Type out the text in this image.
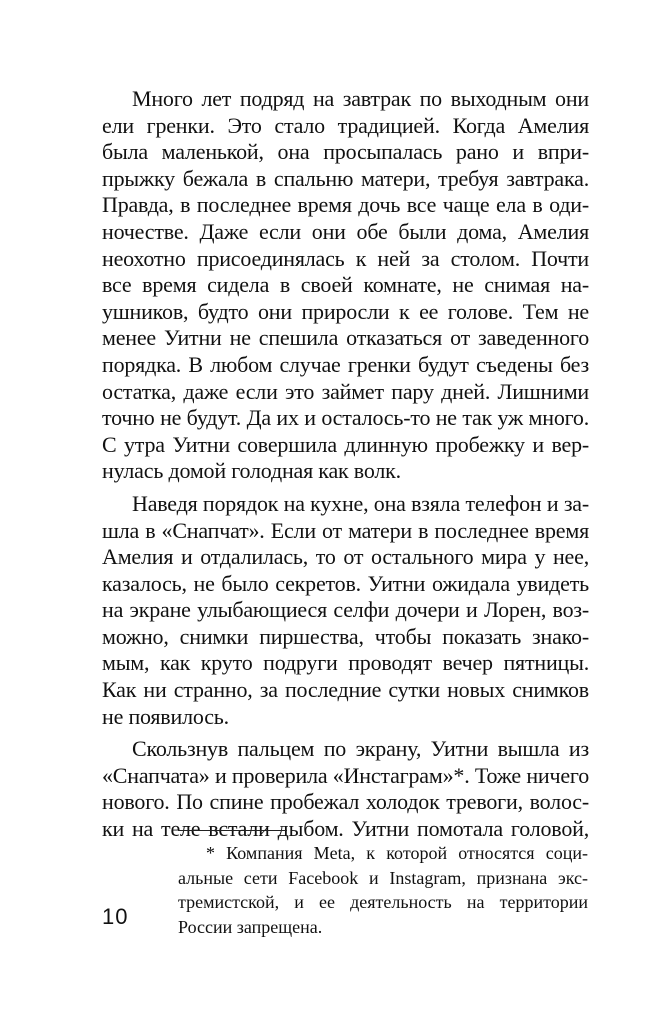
Много лет подряд на завтрак по выходным они
ели гренки. Это стало традицией. Когда Амелия
была маленькой, она просыпалась рано и впри-
прыжку бежала в спальню матери, требуя завтрака.
Правда, в последнее время дочь все чаще ела в оди-
ночестве. Даже если они обе были дома, Амелия
неохотно присоединялась к ней за столом. Почти
все время сидела в своей комнате, не снимая на-
ушников, будто они приросли к ее голове. Тем не
менее Уитни не спешила отказаться от заведенного
порядка. В любом случае гренки будут съедены без
остатка, даже если это займет пару дней. Лишними
точно не будут. Да их и осталось-то не так уж много.
С утра Уитни совершила длинную пробежку и вер-
нулась домой голодная как волк.
Наведя порядок на кухне, она взяла телефон и за-
шла в «Снапчат». Если от матери в последнее время
Амелия и отдалилась, то от остального мира у нее,
казалось, не было секретов. Уитни ожидала увидеть
на экране улыбающиеся селфи дочери и Лорен, воз-
можно, снимки пиршества, чтобы показать знако-
мым, как круто подруги проводят вечер пятницы.
Как ни странно, за последние сутки новых снимков
не появилось.
Скользнув пальцем по экрану, Уитни вышла из
«Снапчата» и проверила «Инстаграм»*. Тоже ничего
нового. По спине пробежал холодок тревоги, волос-
ки на теле встали дыбом. Уитни помотала головой,
* Компания Meta, к которой относятся соци-
альные сети Facebook и Instagram, признана экс-
тремистской, и ее деятельность на территории
России запрещена.
10
